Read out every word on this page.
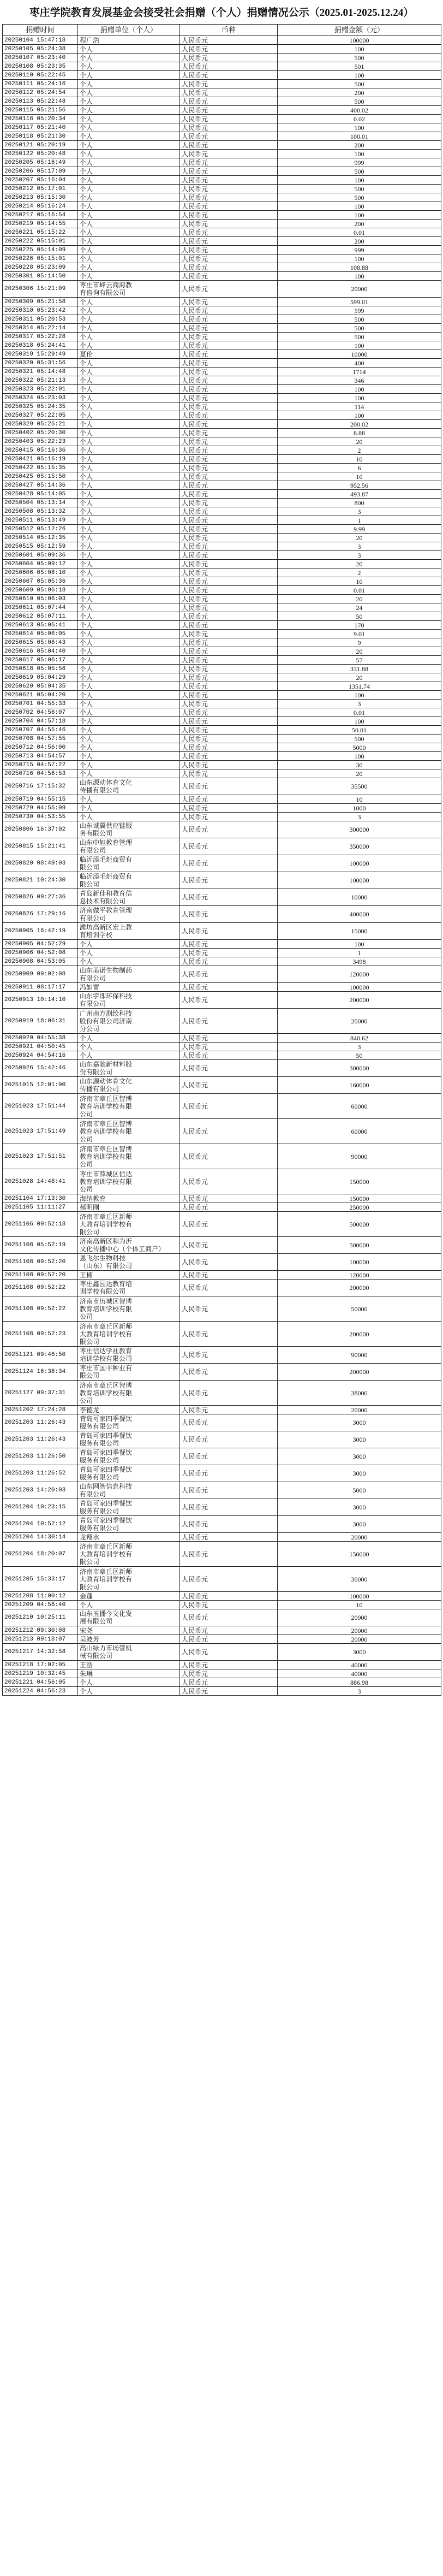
枣庄学院教育发展基金会接受社会捐赠（个人）捐赠情况公示（2025.01-2025.12.24）
捐赠时间	捐赠单位（个人）	币种	捐赠金额（元）
20250104 15:47:18	程广浩	人民币元	100000
20250105 05:24:38	个人	人民币元	100
20250107 05:23:40	个人	人民币元	500
20250108 05:23:35	个人	人民币元	501
20250110 05:22:45	个人	人民币元	100
20250111 05:24:16	个人	人民币元	500
20250112 05:24:54	个人	人民币元	200
20250113 05:22:48	个人	人民币元	500
20250115 05:21:56	个人	人民币元	400.02
20250116 05:20:34	个人	人民币元	0.02
20250117 05:21:40	个人	人民币元	100
20250118 05:21:30	个人	人民币元	100.01
20250121 05:20:19	个人	人民币元	200
20250122 05:20:48	个人	人民币元	100
20250205 05:16:49	个人	人民币元	999
20250206 05:17:09	个人	人民币元	500
20250207 05:16:04	个人	人民币元	100
20250212 05:17:01	个人	人民币元	500
20250213 05:15:30	个人	人民币元	500
20250214 05:16:24	个人	人民币元	100
20250217 05:16:54	个人	人民币元	100
20250219 05:14:55	个人	人民币元	200
20250221 05:15:22	个人	人民币元	0.01
20250222 05:15:01	个人	人民币元	200
20250225 05:14:09	个人	人民币元	999
20250226 05:15:01	个人	人民币元	100
20250228 05:23:09	个人	人民币元	108.88
20250301 05:14:50	个人	人民币元	100
20250306 15:21:09	枣庄市峰云商海教
育咨询有限公司	人民币元	20000
20250309 05:21:58	个人	人民币元	599.01
20250310 05:23:42	个人	人民币元	599
20250311 05:20:53	个人	人民币元	500
20250314 05:22:14	个人	人民币元	500
20250317 05:22:28	个人	人民币元	500
20250318 05:24:41	个人	人民币元	100
20250319 15:29:49	夏伦	人民币元	10000
20250320 05:31:56	个人	人民币元	400
20250321 05:14:48	个人	人民币元	1714
20250322 05:21:13	个人	人民币元	346
20250323 05:22:01	个人	人民币元	100
20250324 05:23:03	个人	人民币元	100
20250325 05:24:35	个人	人民币元	114
20250327 05:22:05	个人	人民币元	100
20250329 05:25:21	个人	人民币元	200.02
20250402 05:20:30	个人	人民币元	8.88
20250403 05:22:23	个人	人民币元	20
20250415 05:16:36	个人	人民币元	2
20250421 05:16:19	个人	人民币元	10
20250422 05:15:35	个人	人民币元	6
20250425 05:15:50	个人	人民币元	10
20250427 05:14:36	个人	人民币元	952.56
20250428 05:14:05	个人	人民币元	493.87
20250504 05:13:14	个人	人民币元	800
20250508 05:13:32	个人	人民币元	3
20250511 05:13:49	个人	人民币元	1
20250512 05:12:26	个人	人民币元	9.99
20250514 05:12:35	个人	人民币元	20
20250515 05:12:59	个人	人民币元	3
20250601 05:09:36	个人	人民币元	3
20250604 05:09:12	个人	人民币元	20
20250606 05:08:10	个人	人民币元	2
20250607 05:05:36	个人	人民币元	10
20250609 05:06:18	个人	人民币元	0.01
20250610 05:06:03	个人	人民币元	20
20250611 05:07:44	个人	人民币元	24
20250612 05:07:11	个人	人民币元	50
20250613 05:05:41	个人	人民币元	170
20250614 05:06:05	个人	人民币元	9.01
20250615 05:06:43	个人	人民币元	9
20250616 05:04:40	个人	人民币元	20
20250617 05:06:17	个人	人民币元	57
20250618 05:05:56	个人	人民币元	331.88
20250619 05:04:29	个人	人民币元	20
20250620 05:04:35	个人	人民币元	1351.74
20250621 05:04:20	个人	人民币元	100
20250701 04:55:33	个人	人民币元	3
20250702 04:56:07	个人	人民币元	0.01
20250704 04:57:18	个人	人民币元	100
20250707 04:55:46	个人	人民币元	50.01
20250708 04:57:55	个人	人民币元	500
20250712 04:56:00	个人	人民币元	5000
20250713 04:54:57	个人	人民币元	100
20250715 04:57:22	个人	人民币元	30
20250716 04:56:53	个人	人民币元	20
20250716 17:15:32	山东源动体育文化
传播有限公司	人民币元	35500
20250719 04:55:15	个人	人民币元	10
20250729 04:55:09	个人	人民币元	1000
20250730 04:53:55	个人	人民币元	3
20250806 16:37:02	山东诚翼供应链服
务有限公司	人民币元	300000
20250815 15:21:41	山东中旭教育管理
有限公司	人民币元	350000
20250820 08:49:03	临沂添毛炬商贸有
限公司	人民币元	100000
20250821 10:24:30	临沂添毛炬商贸有
限公司	人民币元	100000
20250826 09:27:36	青岛新佳和教育信
息技术有限公司	人民币元	10000
20250826 17:29:16	济南做平教育管理
有限公司	人民币元	400000
20250905 16:42:19	潍坊高新区宏上教
育培训学校	人民币元	15000
20250905 04:52:29	个人	人民币元	100
20250906 04:52:08	个人	人民币元	1
20250908 04:53:05	个人	人民币元	3498
20250909 09:02:08	山东美诺生物制药
有限公司	人民币元	120000
20250911 08:17:17	冯如雷	人民币元	100000
20250913 10:14:10	山东宇即环保科技
有限公司	人民币元	200000
20250919 18:06:31	广州南方测绘科技
股份有限公司济南
分公司	人民币元	20000
20250920 04:55:38	个人	人民币元	840.62
20250921 04:50:45	个人	人民币元	3
20250924 04:54:16	个人	人民币元	50
20250926 15:42:46	山东嘉驰新材料股
份有限公司	人民币元	300000
20251015 12:01:00	山东源动体育文化
传播有限公司	人民币元	160000
20251023 17:51:44	济南市章丘区智博
教育培训学校有限
公司	人民币元	60000
20251023 17:51:49	济南市章丘区智博
教育培训学校有限
公司	人民币元	60000
20251023 17:51:51	济南市章丘区智博
教育培训学校有限
公司	人民币元	90000
20251028 14:48:41	枣庄市薛城区信达
教育培训学校有限
公司	人民币元	150000
20251104 17:13:30	海纳教育	人民币元	150000
20251105 11:11:27	郝明刚	人民币元	250000
20251106 09:52:18	济南市章丘区新师
大教育培训学校有
限公司	人民币元	500000
20251108 05:52:19	济南高新区和为沂
文化传播中心（个体工商户）	人民币元	500000
20251108 09:52:20	恩飞尔生物科技
（山东）有限公司	人民币元	100000
20251108 09:52:20	王楠	人民币元	120000
20251108 09:52:22	枣庄鑫园达教育培
训学校有限公司	人民币元	200000
20251108 09:52:22	济南市历城区智博
教育培训学校有限
公司	人民币元	50000
20251108 09:52:23	济南市章丘区新师
大教育培训学校有
限公司	人民币元	200000
20251121 09:46:50	枣庄信达学社教育
培训学校有限公司	人民币元	90000
20251124 16:38:34	枣庄市国丰种业有
限公司	人民币元	200000
20251127 09:37:31	济南市章丘区智博
教育培训学校有限
公司	人民币元	38000
20251202 17:24:28	李德龙	人民币元	20000
20251203 11:26:43	青岛可家四季餐饮
服务有限公司	人民币元	3000
20251203 11:26:43	青岛可家四季餐饮
服务有限公司	人民币元	3000
20251203 11:26:50	青岛可家四季餐饮
服务有限公司	人民币元	3000
20251203 11:26:52	青岛可家四季餐饮
服务有限公司	人民币元	3000
20251203 14:20:03	山东网智信息科技
有限公司	人民币元	5000
20251204 10:23:15	青岛可家四季餐饮
服务有限公司	人民币元	3000
20251204 10:52:12	青岛可家四季餐饮
服务有限公司	人民币元	3000
20251204 14:30:14	龙翔水	人民币元	20000
20251204 18:20:07	济南市章丘区新师
大教育培训学校有
限公司	人民币元	150000
20251205 15:33:17	济南市章丘区新师
大教育培训学校有
限公司	人民币元	30000
20251208 11:00:12	金蓬	人民币元	100000
20251209 04:56:40	个人	人民币元	10
20251210 10:25:11	山东玉播今文化发
展有限公司	人民币元	20000
20251212 09:30:08	宋尧	人民币元	20000
20251213 09:18:07	吴波芳	人民币元	20000
20251217 14:32:58	高山绿力市场管机
械有限公司	人民币元	3000
20251218 17:02:05	王浩	人民币元	40000
20251219 10:32:45	朱琳	人民币元	40000
20251221 04:56:05	个人	人民币元	886.98
20251224 04:56:23	个人	人民币元	3
